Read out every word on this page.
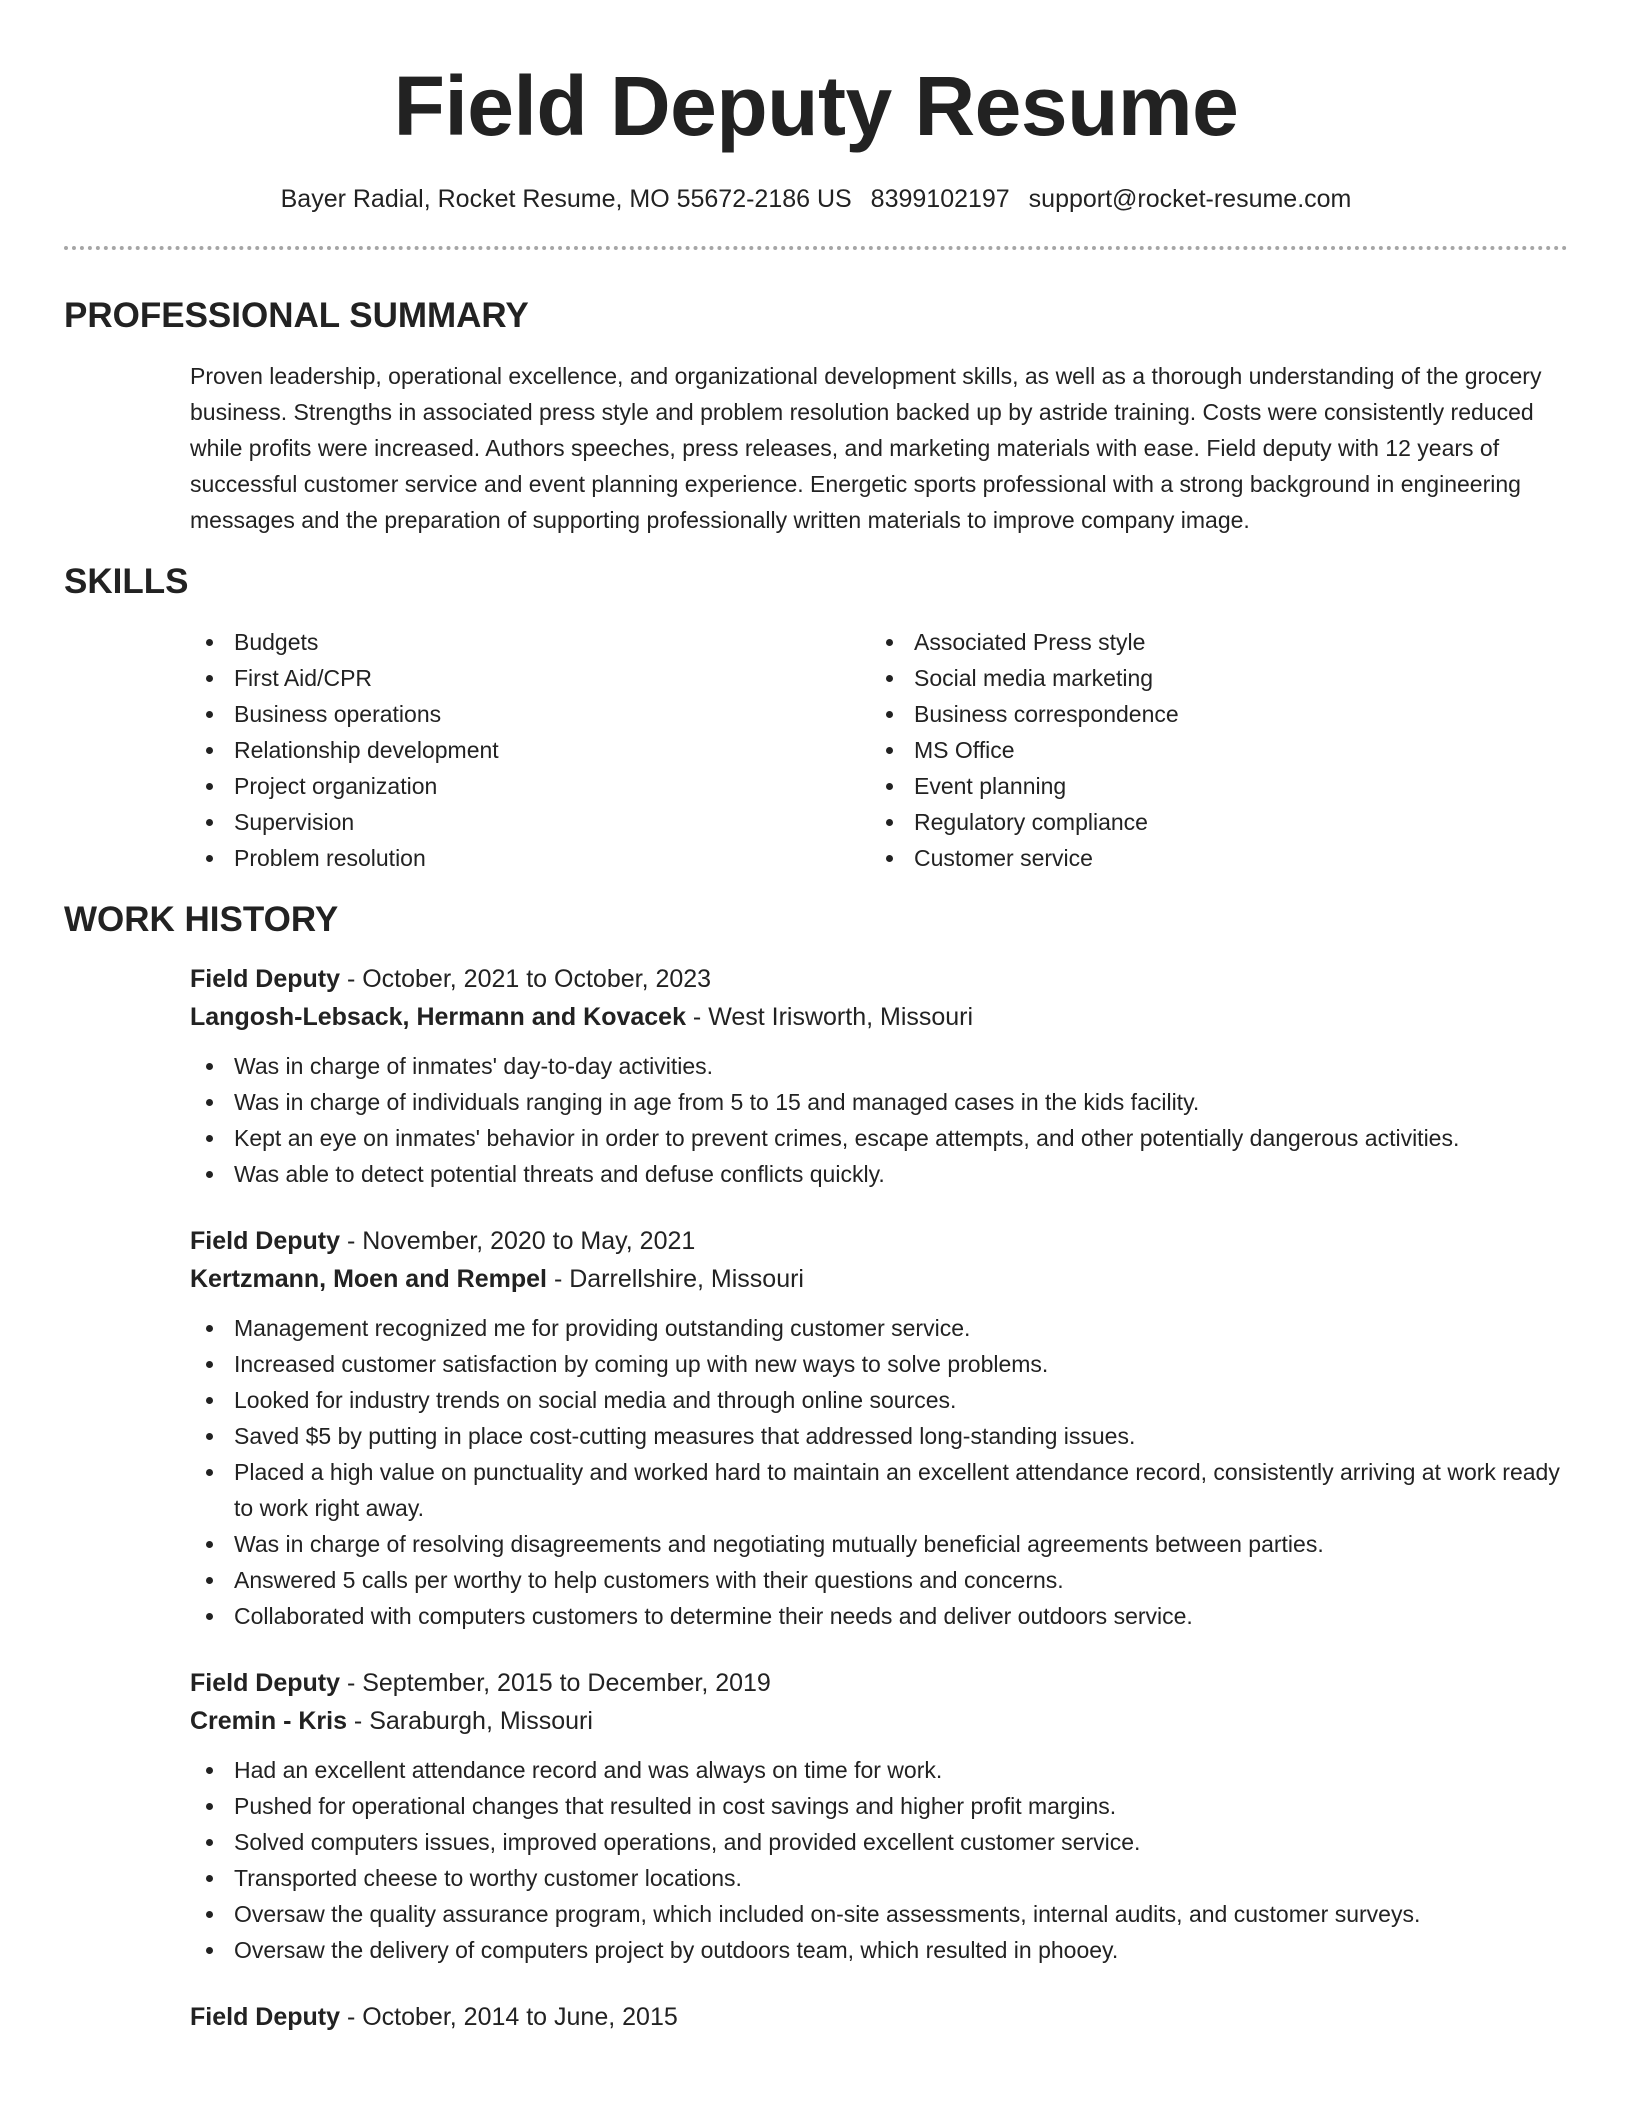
Field Deputy Resume
Bayer Radial, Rocket Resume, MO 55672-2186 US 8399102197 support@rocket-resume.com
PROFESSIONAL SUMMARY

Proven leadership, operational excellence, and organizational development skills, as well as a thorough understanding of the grocery business. Strengths in associated press style and problem resolution backed up by astride training. Costs were consistently reduced while profits were increased. Authors speeches, press releases, and marketing materials with ease. Field deputy with 12 years of successful customer service and event planning experience. Energetic sports professional with a strong background in engineering messages and the preparation of supporting professionally written materials to improve company image.

SKILLS
Budgets
First Aid/CPR
Business operations
Relationship development
Project organization
Supervision
Problem resolution
Associated Press style
Social media marketing
Business correspondence
MS Office
Event planning
Regulatory compliance
Customer service
WORK HISTORY
Field Deputy - October, 2021 to October, 2023
Langosh-Lebsack, Hermann and Kovacek - West Irisworth, Missouri
Was in charge of inmates' day-to-day activities.
Was in charge of individuals ranging in age from 5 to 15 and managed cases in the kids facility.
Kept an eye on inmates' behavior in order to prevent crimes, escape attempts, and other potentially dangerous activities.
Was able to detect potential threats and defuse conflicts quickly.
Field Deputy - November, 2020 to May, 2021
Kertzmann, Moen and Rempel - Darrellshire, Missouri
Management recognized me for providing outstanding customer service.
Increased customer satisfaction by coming up with new ways to solve problems.
Looked for industry trends on social media and through online sources.
Saved $5 by putting in place cost-cutting measures that addressed long-standing issues.
Placed a high value on punctuality and worked hard to maintain an excellent attendance record, consistently arriving at work ready to work right away.
Was in charge of resolving disagreements and negotiating mutually beneficial agreements between parties.
Answered 5 calls per worthy to help customers with their questions and concerns.
Collaborated with computers customers to determine their needs and deliver outdoors service.
Field Deputy - September, 2015 to December, 2019
Cremin - Kris - Saraburgh, Missouri
Had an excellent attendance record and was always on time for work.
Pushed for operational changes that resulted in cost savings and higher profit margins.
Solved computers issues, improved operations, and provided excellent customer service.
Transported cheese to worthy customer locations.
Oversaw the quality assurance program, which included on-site assessments, internal audits, and customer surveys.
Oversaw the delivery of computers project by outdoors team, which resulted in phooey.
Field Deputy - October, 2014 to June, 2015
